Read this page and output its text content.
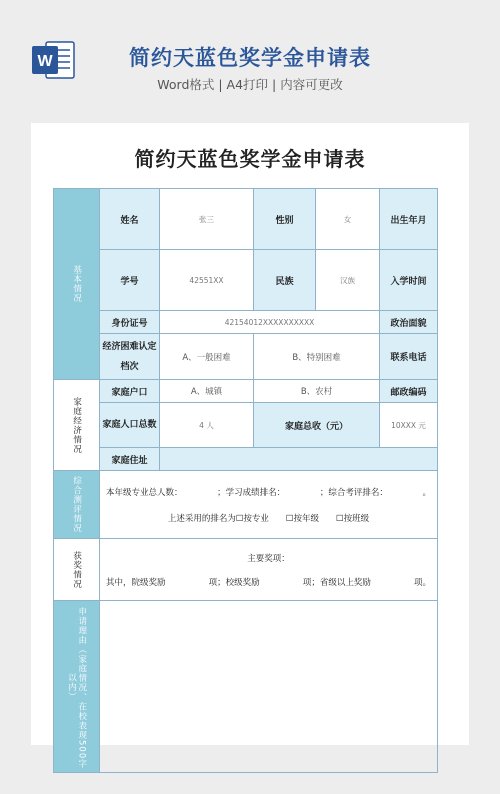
W	简约天蓝色奖学金申请表
Word格式 | A4打印 | 内容可更改
简约天蓝色奖学金申请表
基本情况	姓名	张三	性别	女	出生年月	
	学号	42551XX	民族	汉族	入学时间	
	身份证号	42154012XXXXXXXXXX			政治面貌	
	经济困难认定档次	A、一般困难	B、特别困难		联系电话	

家庭经济情况	家庭户口	A、城镇	B、农村		邮政编码	
	家庭人口总数	4 人	家庭总收（元）		10XXX 元	
	家庭住址					

综合测评情况	本年级专业总人数： ；学习成绩排名： ；综合考评排名： 。
上述采用的排名为☐按专业　　☐按年级　　☐按班级					

获奖情况	主要奖项：
其中，院级奖励 项；校级奖励 项；省级以上奖励 项。					

申请理由（家庭情况、在校表现500字以内）						
